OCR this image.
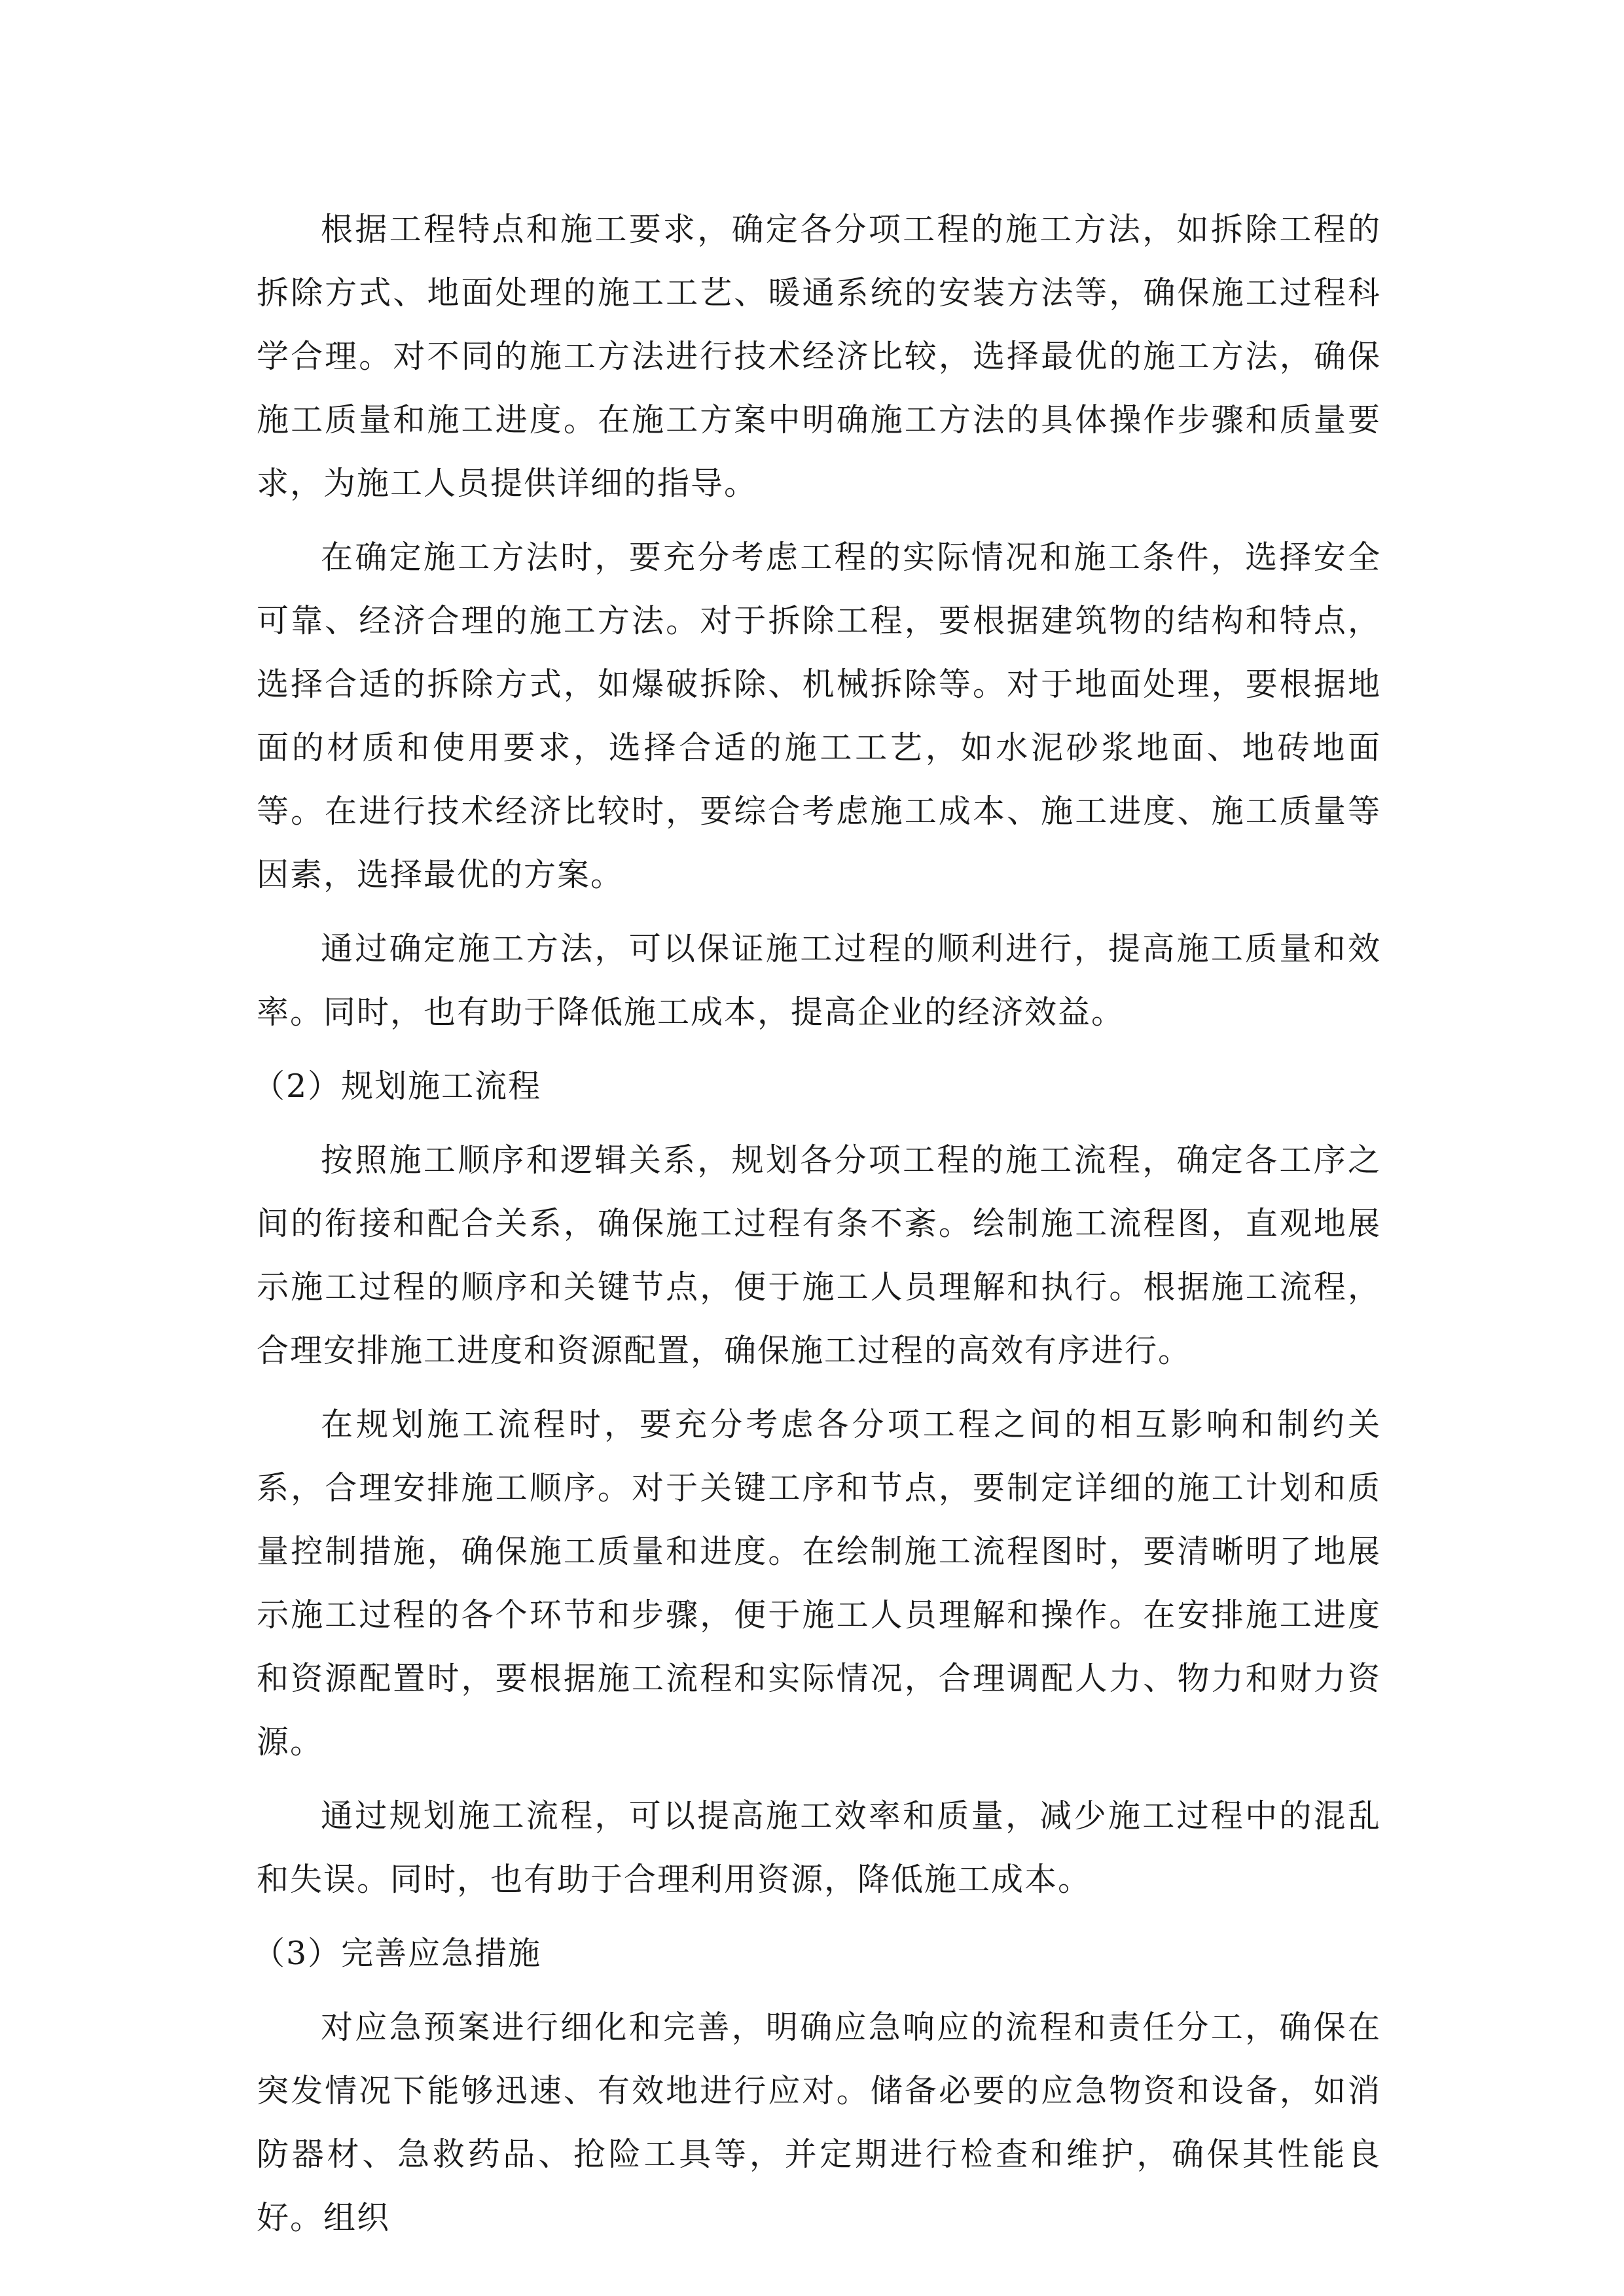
根据工程特点和施工要求，确定各分项工程的施工方法，如拆除工程的拆除方式、地面处理的施工工艺、暖通系统的安装方法等，确保施工过程科学合理。对不同的施工方法进行技术经济比较，选择最优的施工方法，确保施工质量和施工进度。在施工方案中明确施工方法的具体操作步骤和质量要求，为施工人员提供详细的指导。

在确定施工方法时，要充分考虑工程的实际情况和施工条件，选择安全可靠、经济合理的施工方法。对于拆除工程，要根据建筑物的结构和特点，选择合适的拆除方式，如爆破拆除、机械拆除等。对于地面处理，要根据地面的材质和使用要求，选择合适的施工工艺，如水泥砂浆地面、地砖地面等。在进行技术经济比较时，要综合考虑施工成本、施工进度、施工质量等因素，选择最优的方案。

通过确定施工方法，可以保证施工过程的顺利进行，提高施工质量和效率。同时，也有助于降低施工成本，提高企业的经济效益。

（2）规划施工流程

按照施工顺序和逻辑关系，规划各分项工程的施工流程，确定各工序之间的衔接和配合关系，确保施工过程有条不紊。绘制施工流程图，直观地展示施工过程的顺序和关键节点，便于施工人员理解和执行。根据施工流程，合理安排施工进度和资源配置，确保施工过程的高效有序进行。

在规划施工流程时，要充分考虑各分项工程之间的相互影响和制约关系，合理安排施工顺序。对于关键工序和节点，要制定详细的施工计划和质量控制措施，确保施工质量和进度。在绘制施工流程图时，要清晰明了地展示施工过程的各个环节和步骤，便于施工人员理解和操作。在安排施工进度和资源配置时，要根据施工流程和实际情况，合理调配人力、物力和财力资源。

通过规划施工流程，可以提高施工效率和质量，减少施工过程中的混乱和失误。同时，也有助于合理利用资源，降低施工成本。

（3）完善应急措施

对应急预案进行细化和完善，明确应急响应的流程和责任分工，确保在突发情况下能够迅速、有效地进行应对。储备必要的应急物资和设备，如消防器材、急救药品、抢险工具等，并定期进行检查和维护，确保其性能良好。组织
